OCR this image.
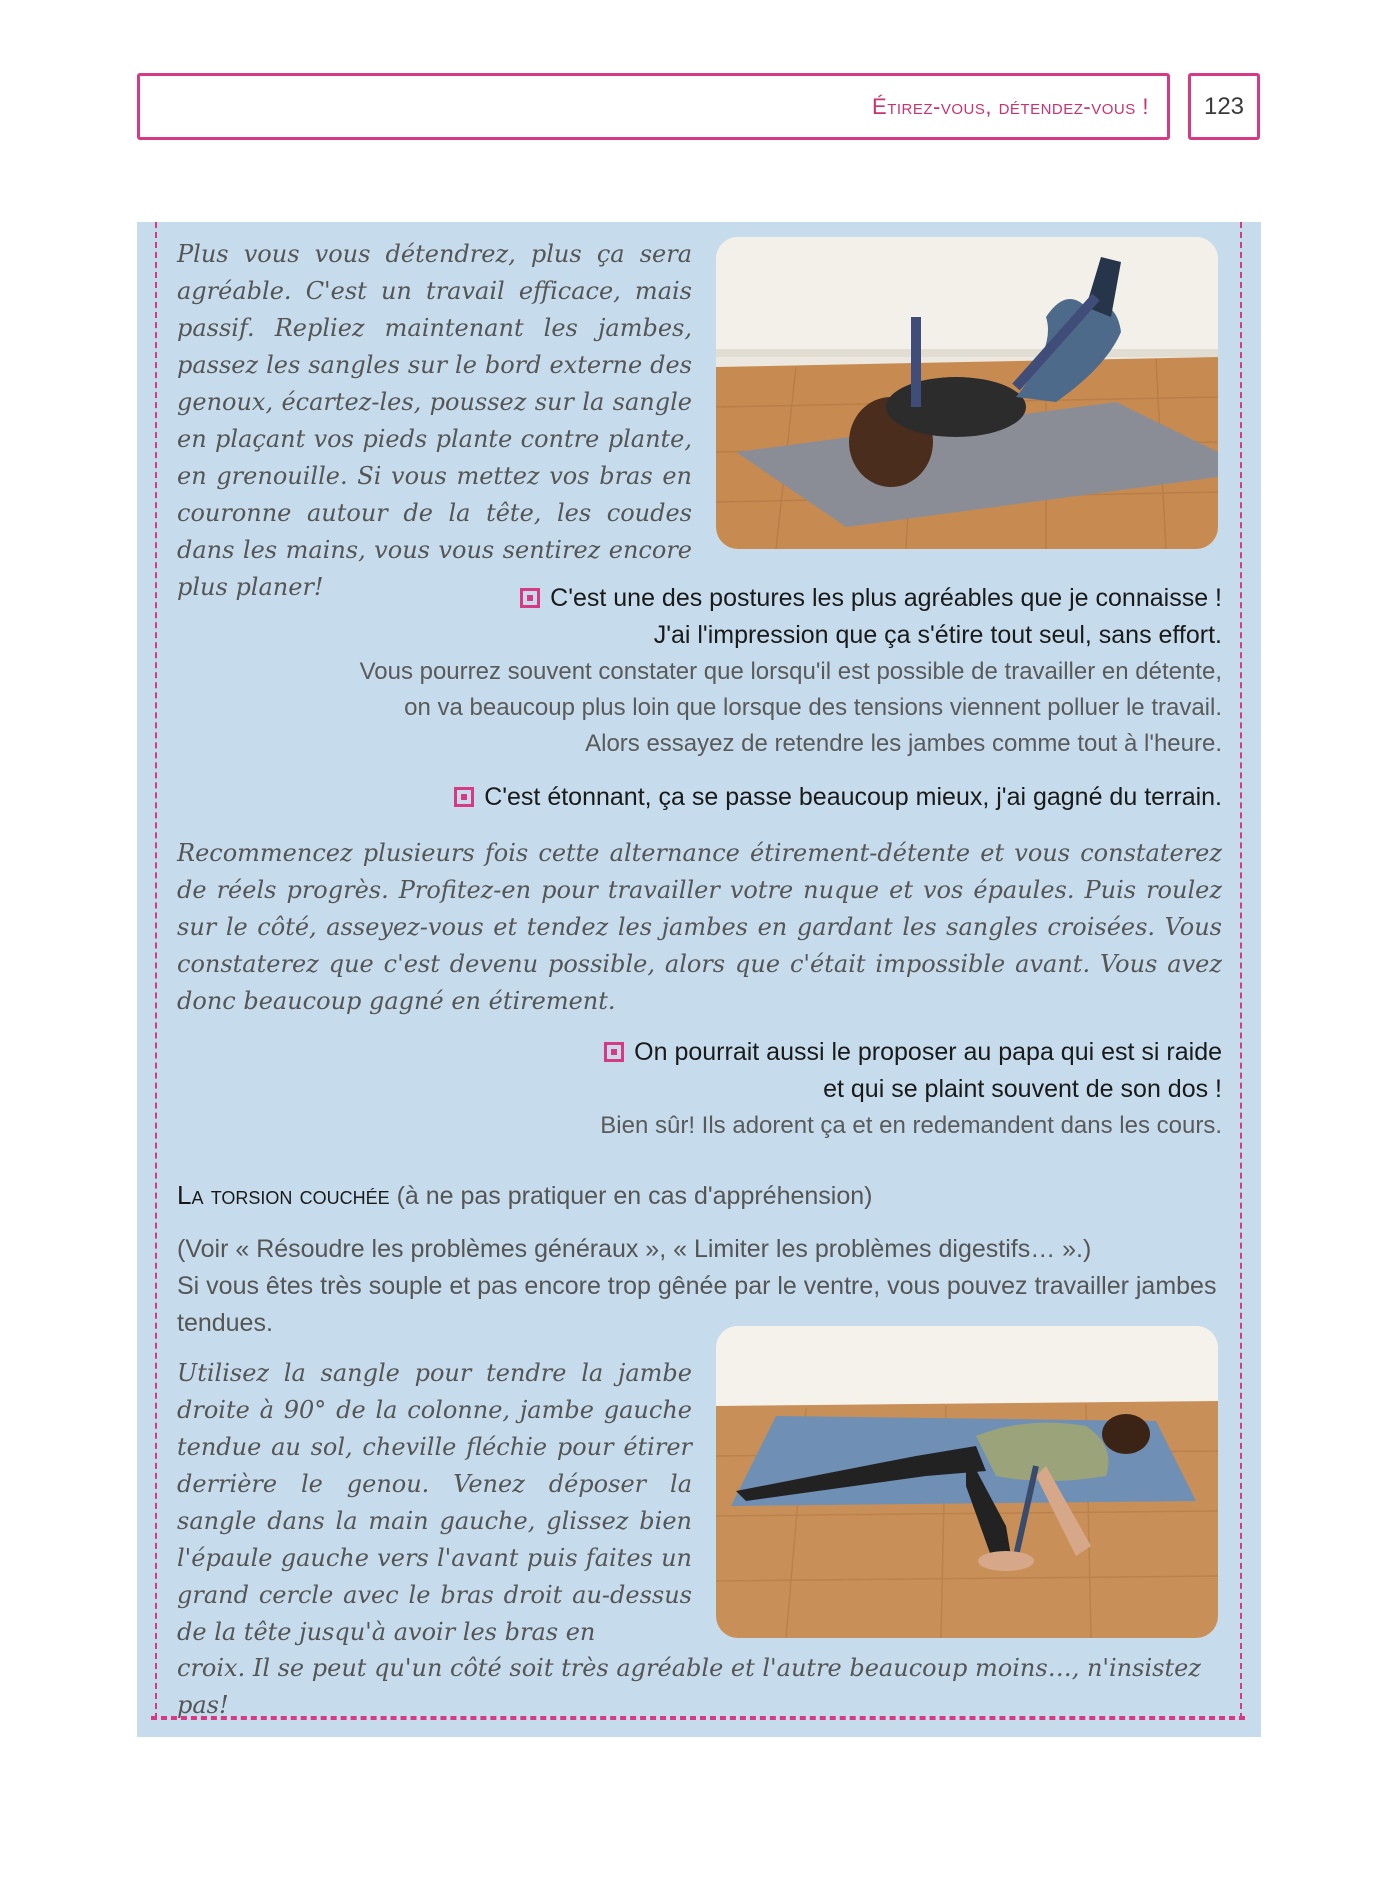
Étirez-vous, détendez-vous !	123
Plus vous vous détendrez, plus ça sera agréable. C'est un travail efficace, mais passif. Repliez maintenant les jambes, passez les sangles sur le bord externe des genoux, écartez-les, poussez sur la sangle en plaçant vos pieds plante contre plante, en grenouille. Si vous mettez vos bras en couronne autour de la tête, les coudes dans les mains, vous vous sentirez encore plus planer!	C'est une des postures les plus agréables que je connaisse !
J'ai l'impression que ça s'étire tout seul, sans effort.
Vous pourrez souvent constater que lorsqu'il est possible de travailler en détente,
on va beaucoup plus loin que lorsque des tensions viennent polluer le travail.
Alors essayez de retendre les jambes comme tout à l'heure.
C'est étonnant, ça se passe beaucoup mieux, j'ai gagné du terrain.
Recommencez plusieurs fois cette alternance étirement-détente et vous constaterez de réels progrès. Profitez-en pour travailler votre nuque et vos épaules. Puis roulez sur le côté, asseyez-vous et tendez les jambes en gardant les sangles croisées. Vous constaterez que c'est devenu possible, alors que c'était impossible avant. Vous avez donc beaucoup gagné en étirement.
On pourrait aussi le proposer au papa qui est si raide
et qui se plaint souvent de son dos !
Bien sûr! Ils adorent ça et en redemandent dans les cours.
La torsion couchée (à ne pas pratiquer en cas d'appréhension)
(Voir « Résoudre les problèmes généraux », « Limiter les problèmes digestifs… ».)
Si vous êtes très souple et pas encore trop gênée par le ventre, vous pouvez travailler jambes tendues.
Utilisez la sangle pour tendre la jambe droite à 90° de la colonne, jambe gauche tendue au sol, cheville fléchie pour étirer derrière le genou. Venez déposer la sangle dans la main gauche, glissez bien l'épaule gauche vers l'avant puis faites un grand cercle avec le bras droit au-dessus de la tête jusqu'à avoir les bras en
croix. Il se peut qu'un côté soit très agréable et l'autre beaucoup moins…, n'insistez pas!
